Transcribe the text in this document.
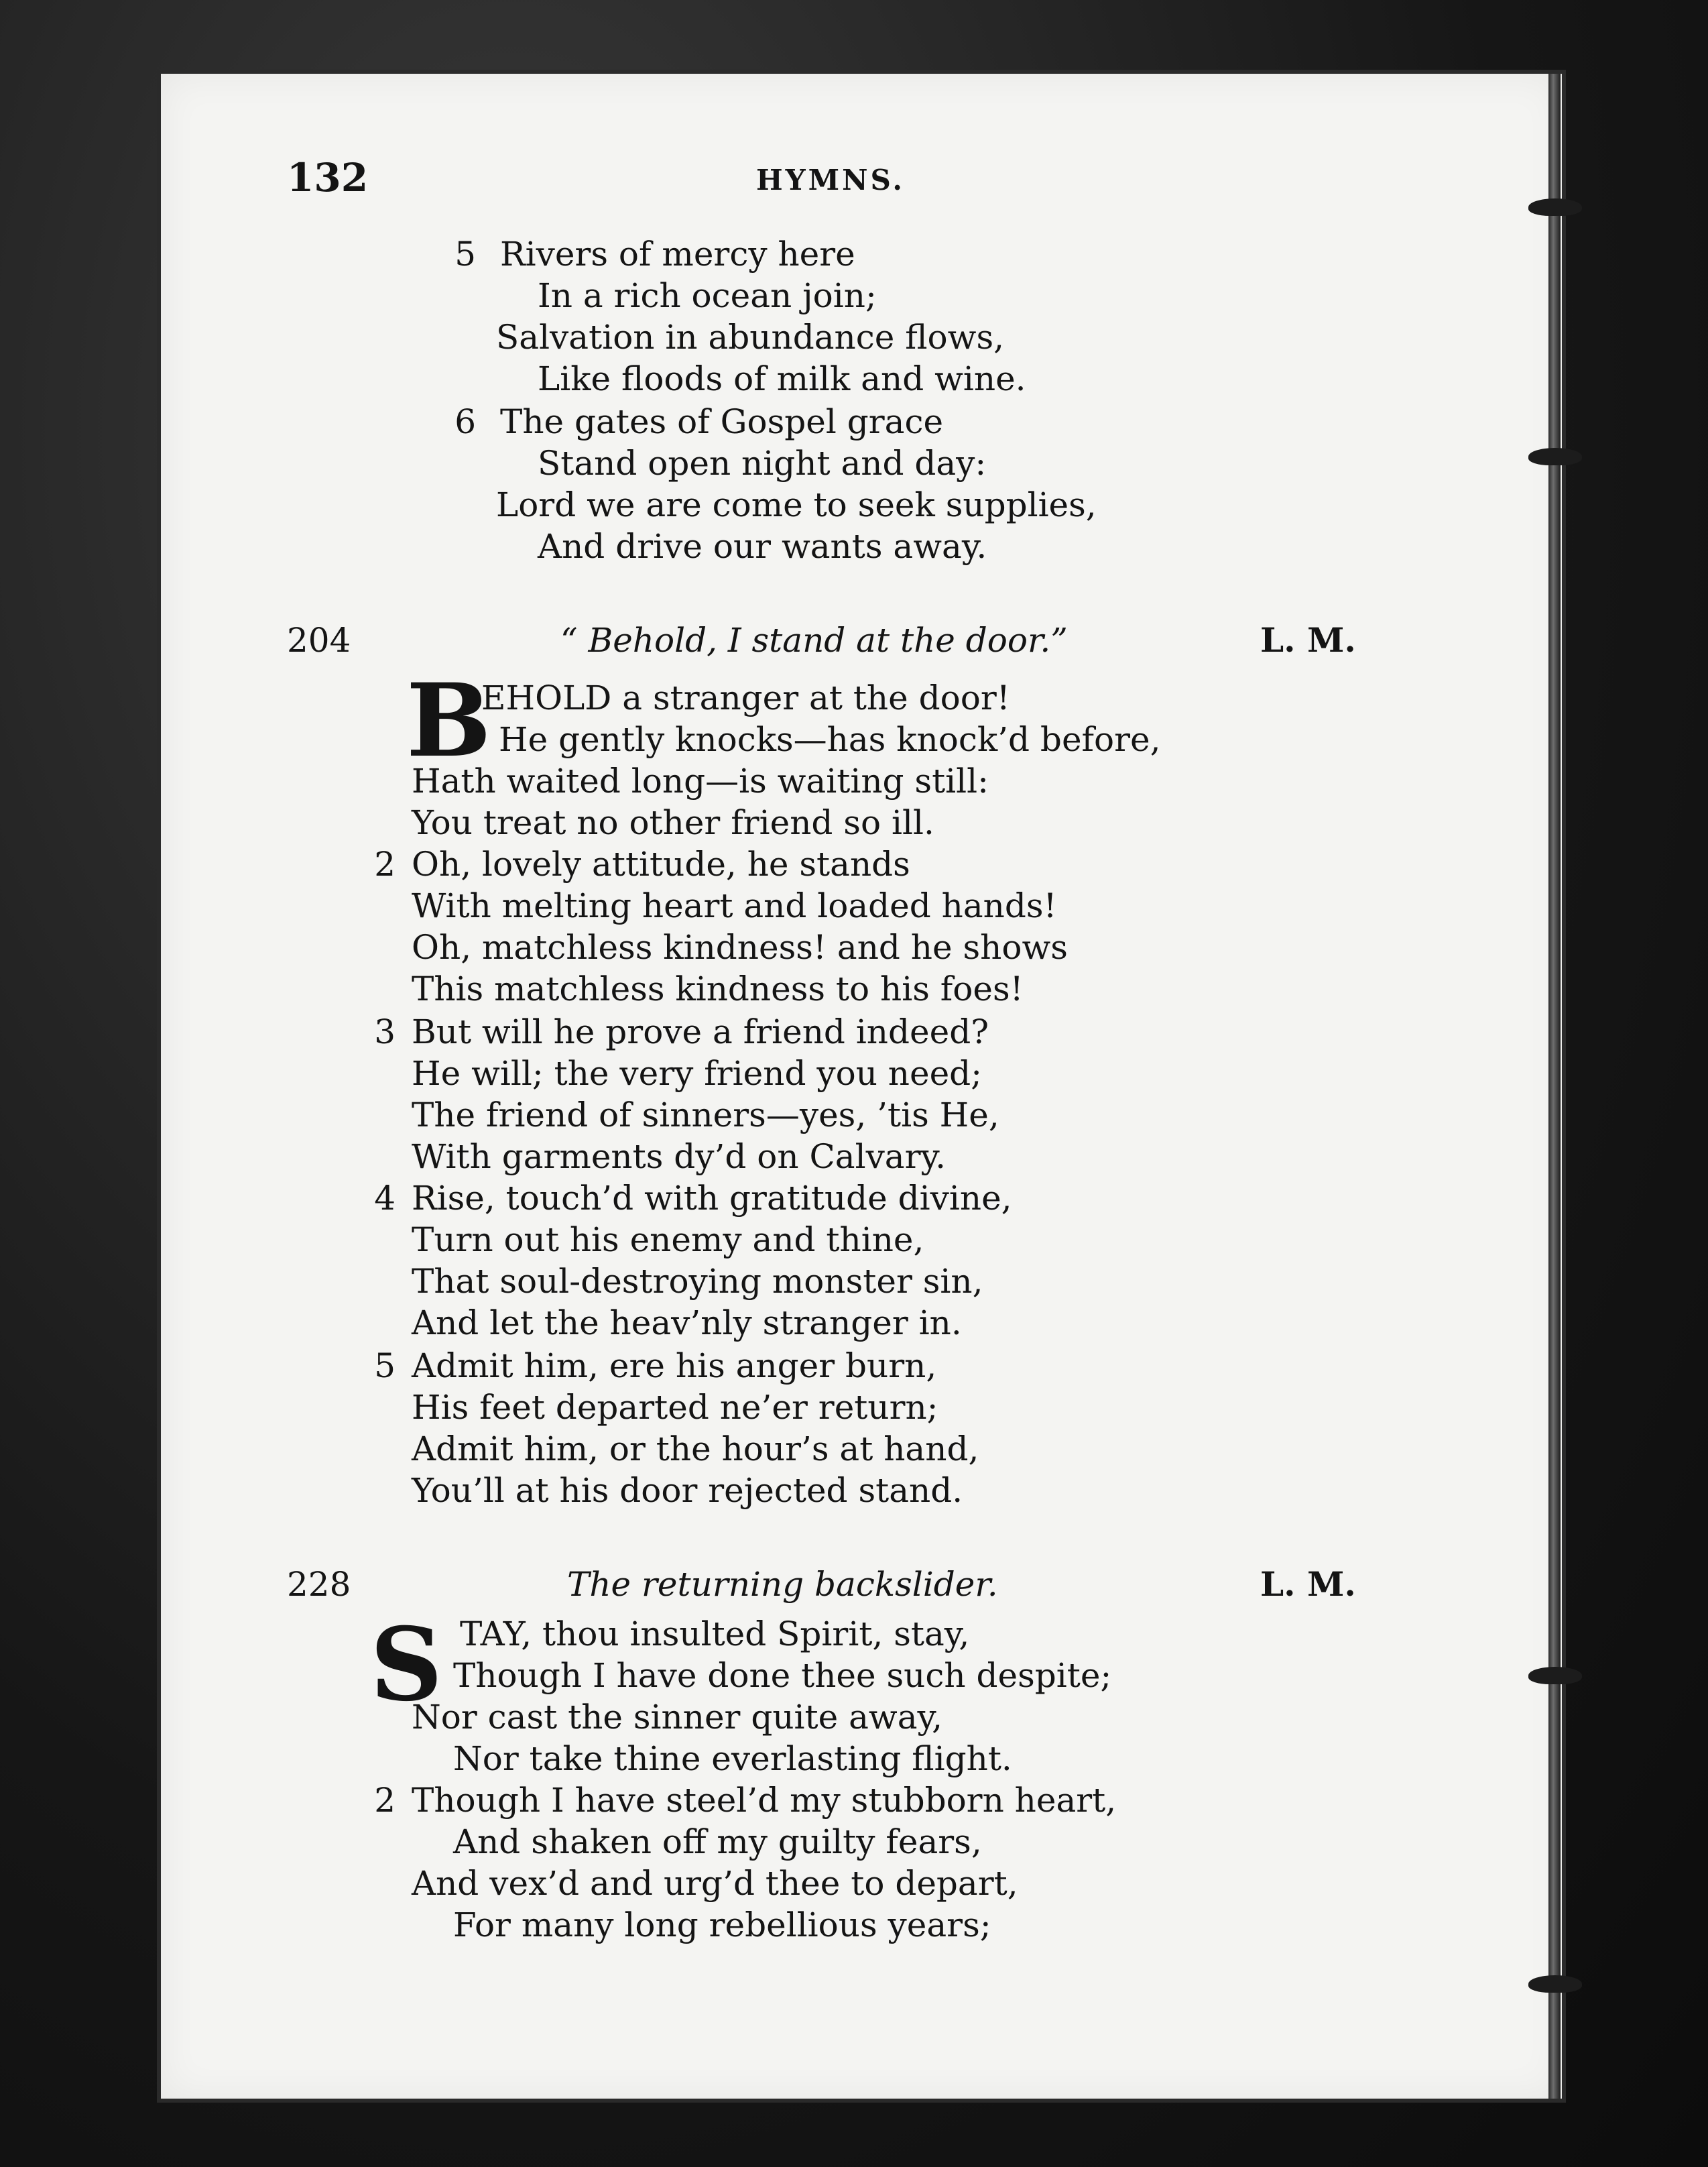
132	HYMNS.
5 Rivers of mercy here
In a rich ocean join;
Salvation in abundance flows,
Like floods of milk and wine.
6 The gates of Gospel grace
Stand open night and day:
Lord we are come to seek supplies,
And drive our wants away.
204	“ Behold, I stand at the door.”	L. M.
B
EHOLD a stranger at the door!
He gently knocks—has knock’d before,
Hath waited long—is waiting still:
You treat no other friend so ill.
2 Oh, lovely attitude, he stands
With melting heart and loaded hands!
Oh, matchless kindness! and he shows
This matchless kindness to his foes!
3 But will he prove a friend indeed?
He will; the very friend you need;
The friend of sinners—yes, ’tis He,
With garments dy’d on Calvary.
4 Rise, touch’d with gratitude divine,
Turn out his enemy and thine,
That soul-destroying monster sin,
And let the heav’nly stranger in.
5 Admit him, ere his anger burn,
His feet departed ne’er return;
Admit him, or the hour’s at hand,
You’ll at his door rejected stand.
228	The returning backslider.	L. M.
S TAY, thou insulted Spirit, stay,
Though I have done thee such despite;
Nor cast the sinner quite away,
Nor take thine everlasting flight.
2 Though I have steel’d my stubborn heart,
And shaken off my guilty fears,
And vex’d and urg’d thee to depart,
For many long rebellious years;
